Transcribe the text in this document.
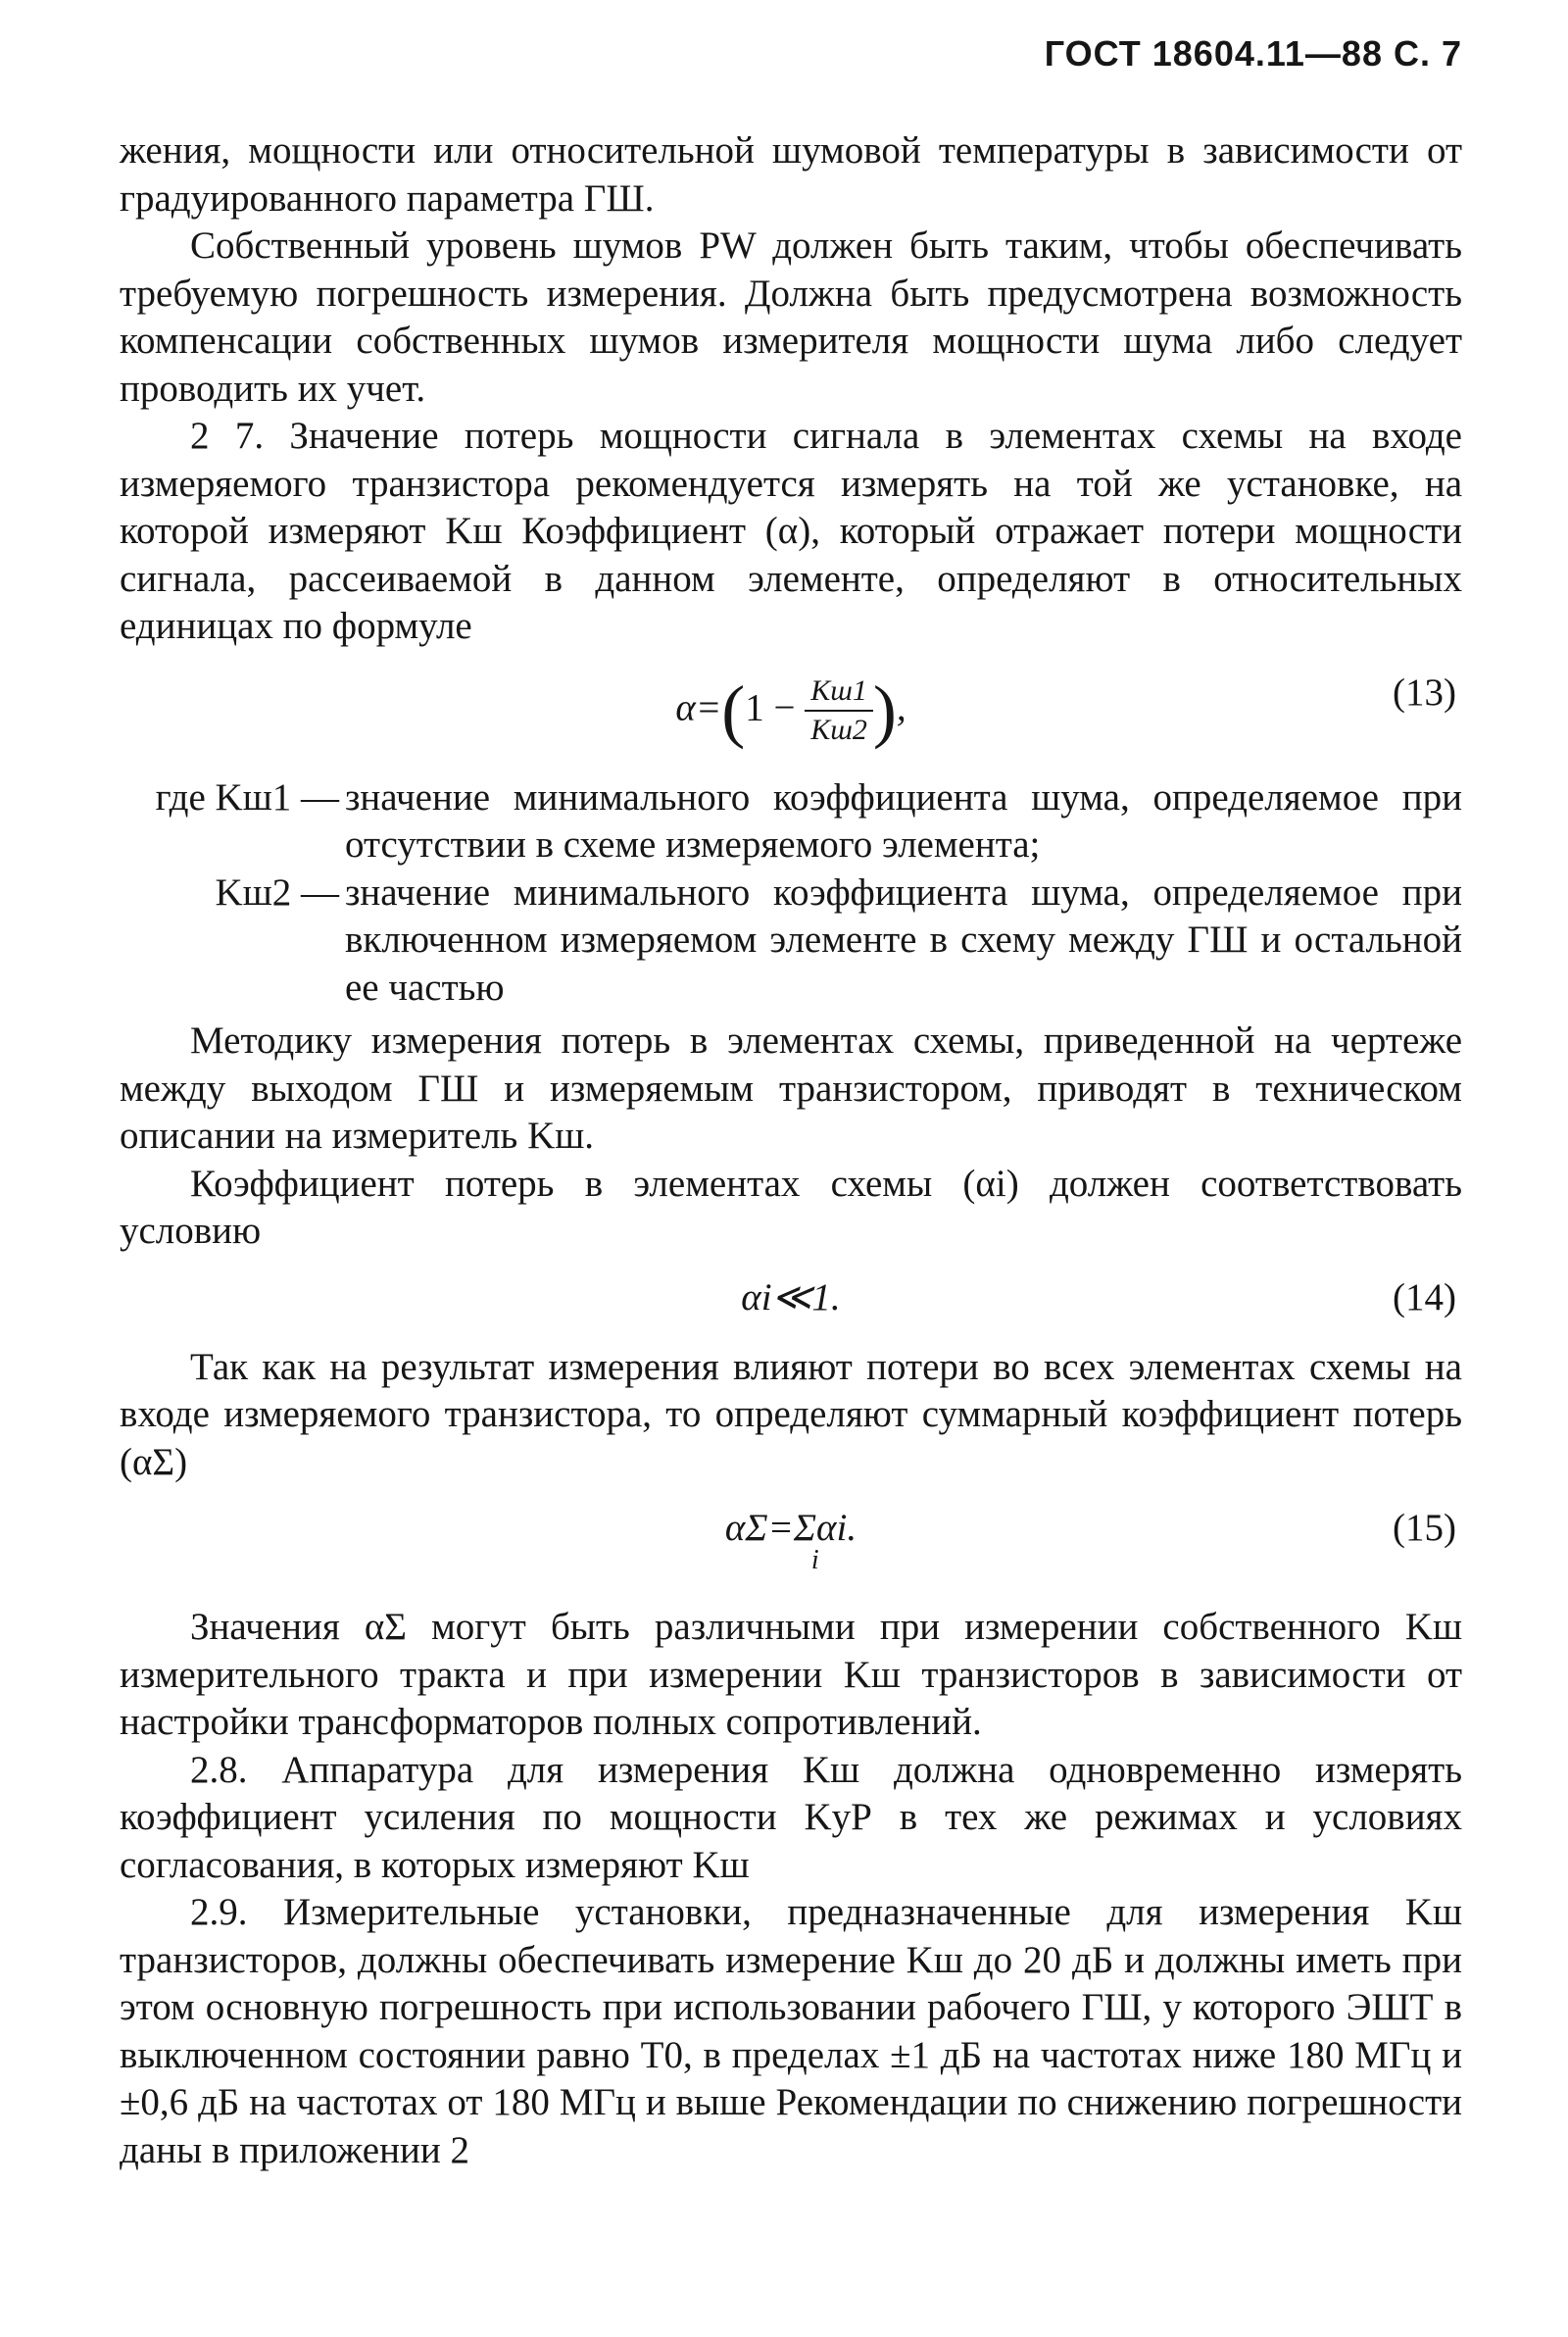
ГОСТ 18604.11—88 С. 7

жения, мощности или относительной шумовой температуры в зависимости от градуированного параметра ГШ.

Собственный уровень шумов PW должен быть таким, чтобы обеспечивать требуемую погрешность измерения. Должна быть предусмотрена возможность компенсации собственных шумов измерителя мощности шума либо следует проводить их учет.

2 7. Значение потерь мощности сигнала в элементах схемы на входе измеряемого транзистора рекомендуется измерять на той же установке, на которой измеряют Kш Коэффициент (α), который отражает потери мощности сигнала, рассеиваемой в данном элементе, определяют в относительных единицах по формуле

$\alpha=(1 - \frac{Kш1}{Kш2}$ ),	(13)
где Kш1 — значение минимального коэффициента шума, определяемое при отсутствии в схеме измеряемого элемента;
Kш2 — значение минимального коэффициента шума, определяемое при включенном измеряемом элементе в схему между ГШ и остальной ее частью

Методику измерения потерь в элементах схемы, приведенной на чертеже между выходом ГШ и измеряемым транзистором, приводят в техническом описании на измеритель Kш.

Коэффициент потерь в элементах схемы (αi) должен соответствовать условию

αi≪1.	(14)

Так как на результат измерения влияют потери во всех элементах схемы на входе измеряемого транзистора, то определяют суммарный коэффициент потерь (αΣ)

αΣ=Σαi.
i
(15)

Значения αΣ могут быть различными при измерении собственного Kш измерительного тракта и при измерении Kш транзисторов в зависимости от настройки трансформаторов полных сопротивлений.

2.8. Аппаратура для измерения Kш должна одновременно измерять коэффициент усиления по мощности KуР в тех же режимах и условиях согласования, в которых измеряют Kш

2.9. Измерительные установки, предназначенные для измерения Kш транзисторов, должны обеспечивать измерение Kш до 20 дБ и должны иметь при этом основную погрешность при использовании рабочего ГШ, у которого ЭШТ в выключенном состоянии равно T0, в пределах ±1 дБ на частотах ниже 180 МГц и ±0,6 дБ на частотах от 180 МГц и выше Рекомендации по снижению погрешности даны в приложении 2
